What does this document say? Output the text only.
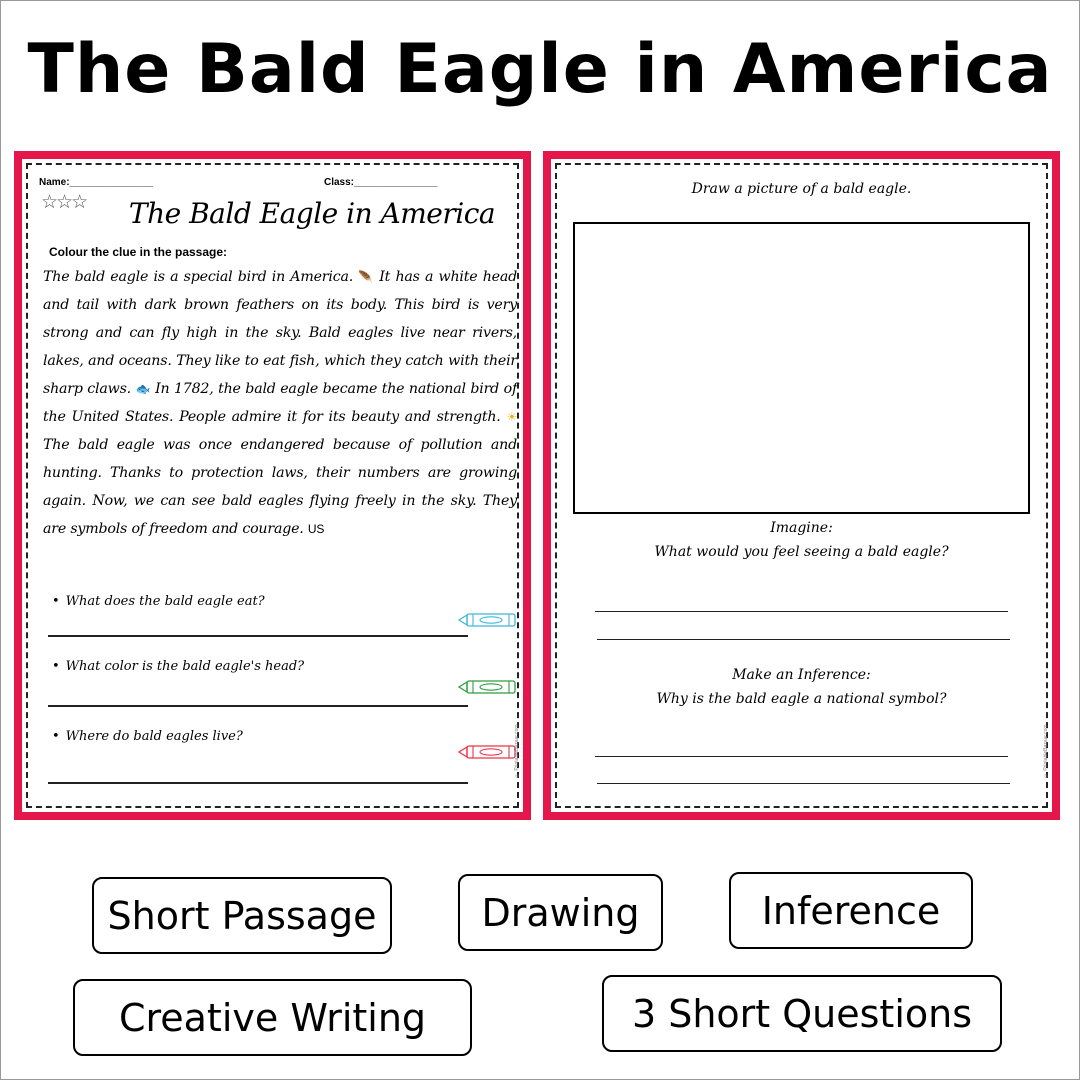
The Bald Eagle in America
Name:_______________	Class:_______________
☆☆☆ The Bald Eagle in America
Colour the clue in the passage:
The bald eagle is a special bird in America. 🪶 It has a white head and tail with dark brown feathers on its body. This bird is very strong and can fly high in the sky. Bald eagles live near rivers, lakes, and oceans. They like to eat fish, which they catch with their sharp claws. 🐟 In 1782, the bald eagle became the national bird of the United States. People admire it for its beauty and strength. ☀ The bald eagle was once endangered because of pollution and hunting. Thanks to protection laws, their numbers are growing again. Now, we can see bald eagles flying freely in the sky. They are symbols of freedom and courage. US
• What does the bald eagle eat?
• What color is the bald eagle's head?
• Where do bald eagles live?	© PrintableBazaar.com
Draw a picture of a bald eagle.
Imagine:
What would you feel seeing a bald eagle?
Make an Inference:
Why is the bald eagle a national symbol?
© PrintableBazaar.com
Short Passage	Drawing	Inference
Creative Writing	3 Short Questions
